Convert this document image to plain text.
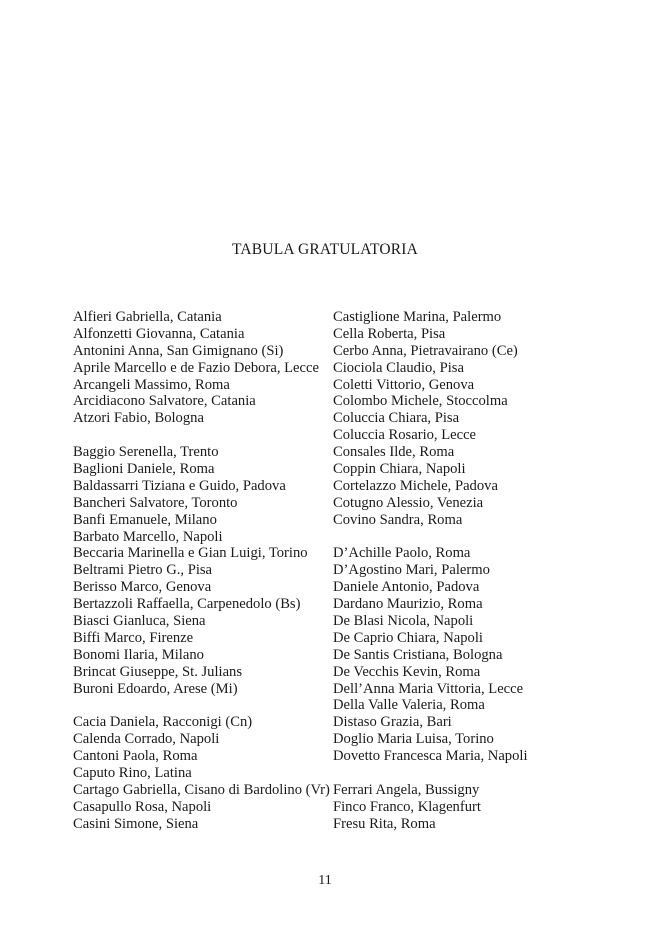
TABULA GRATULATORIA
Alfieri Gabriella, Catania
Alfonzetti Giovanna, Catania
Antonini Anna, San Gimignano (Si)
Aprile Marcello e de Fazio Debora, Lecce
Arcangeli Massimo, Roma
Arcidiacono Salvatore, Catania
Atzori Fabio, Bologna
Baggio Serenella, Trento
Baglioni Daniele, Roma
Baldassarri Tiziana e Guido, Padova
Bancheri Salvatore, Toronto
Banfi Emanuele, Milano
Barbato Marcello, Napoli
Beccaria Marinella e Gian Luigi, Torino
Beltrami Pietro G., Pisa
Berisso Marco, Genova
Bertazzoli Raffaella, Carpenedolo (Bs)
Biasci Gianluca, Siena
Biffi Marco, Firenze
Bonomi Ilaria, Milano
Brincat Giuseppe, St. Julians
Buroni Edoardo, Arese (Mi)
Cacia Daniela, Racconigi (Cn)
Calenda Corrado, Napoli
Cantoni Paola, Roma
Caputo Rino, Latina
Cartago Gabriella, Cisano di Bardolino (Vr)
Casapullo Rosa, Napoli
Casini Simone, Siena
Castiglione Marina, Palermo
Cella Roberta, Pisa
Cerbo Anna, Pietravairano (Ce)
Ciociola Claudio, Pisa
Coletti Vittorio, Genova
Colombo Michele, Stoccolma
Coluccia Chiara, Pisa
Coluccia Rosario, Lecce
Consales Ilde, Roma
Coppin Chiara, Napoli
Cortelazzo Michele, Padova
Cotugno Alessio, Venezia
Covino Sandra, Roma
D’Achille Paolo, Roma
D’Agostino Mari, Palermo
Daniele Antonio, Padova
Dardano Maurizio, Roma
De Blasi Nicola, Napoli
De Caprio Chiara, Napoli
De Santis Cristiana, Bologna
De Vecchis Kevin, Roma
Dell’Anna Maria Vittoria, Lecce
Della Valle Valeria, Roma
Distaso Grazia, Bari
Doglio Maria Luisa, Torino
Dovetto Francesca Maria, Napoli
Ferrari Angela, Bussigny
Finco Franco, Klagenfurt
Fresu Rita, Roma
11
